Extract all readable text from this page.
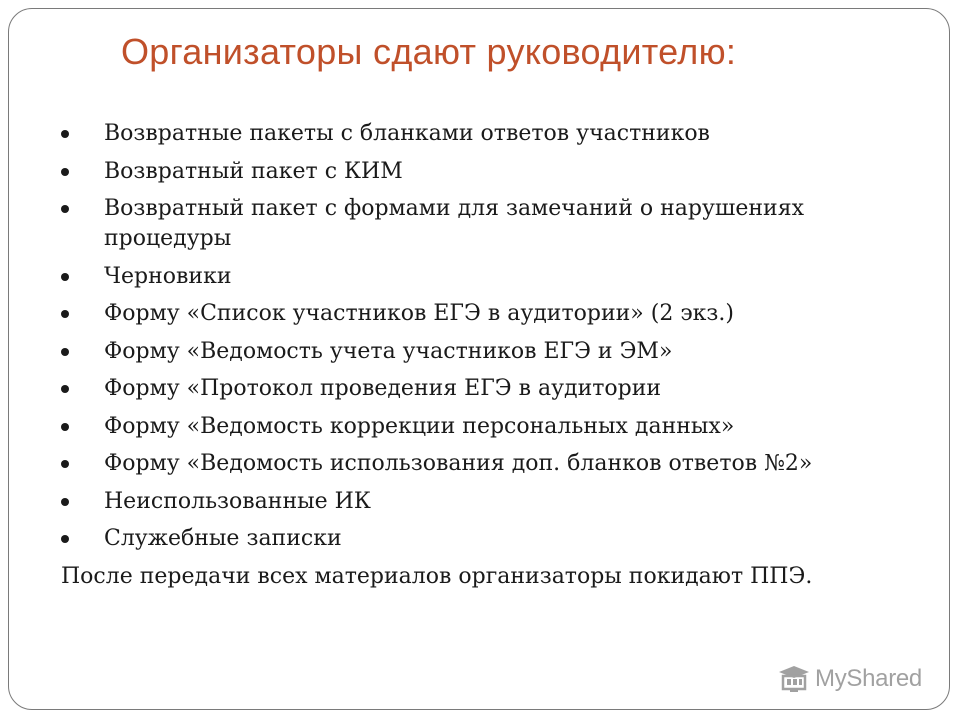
Организаторы сдают руководителю:
Возвратные пакеты с бланками ответов участников
Возвратный пакет с КИМ
Возвратный пакет с формами для замечаний о нарушениях процедуры
Черновики
Форму «Список участников ЕГЭ в аудитории» (2 экз.)
Форму «Ведомость учета участников ЕГЭ и ЭМ»
Форму «Протокол проведения ЕГЭ в аудитории
Форму «Ведомость коррекции персональных данных»
Форму «Ведомость использования доп. бланков ответов №2»
Неиспользованные ИК
Служебные записки
После передачи всех материалов организаторы покидают ППЭ.
MyShared
